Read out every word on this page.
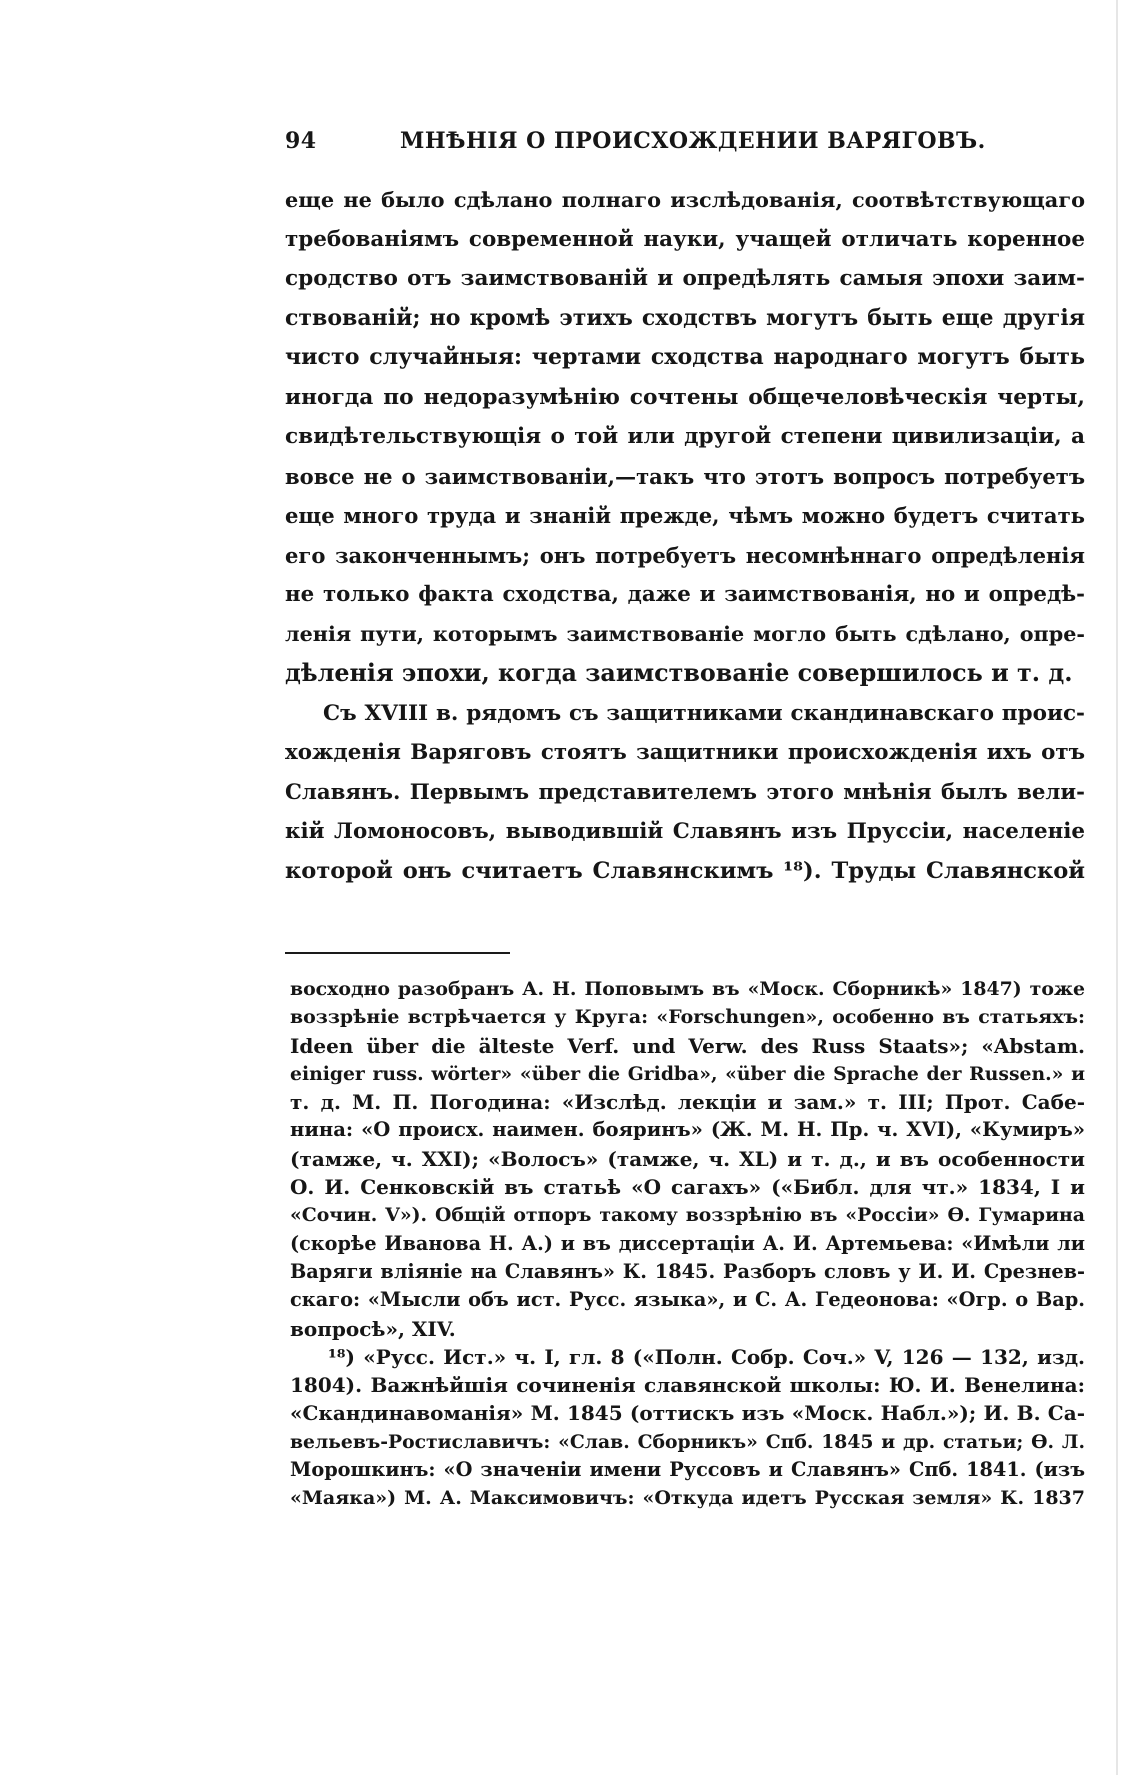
94	МНѢНІЯ О ПРОИСХОЖДЕНИИ ВАРЯГОВЪ.
еще не было сдѣлано полнаго изслѣдованія, соотвѣтствующаго
требованіямъ современной науки, учащей отличать коренное
сродство отъ заимствованій и опредѣлять самыя эпохи заим-
ствованій; но кромѣ этихъ сходствъ могутъ быть еще другія
чисто случайныя: чертами сходства народнаго могутъ быть
иногда по недоразумѣнію сочтены общечеловѣческія черты,
свидѣтельствующія о той или другой степени цивилизаціи, а
вовсе не о заимствованіи,—такъ что этотъ вопросъ потребуетъ
еще много труда и знаній прежде, чѣмъ можно будетъ считать
его законченнымъ; онъ потребуетъ несомнѣннаго опредѣленія
не только факта сходства, даже и заимствованія, но и опредѣ-
ленія пути, которымъ заимствованіе могло быть сдѣлано, опре-
дѣленія эпохи, когда заимствованіе совершилось и т. д.
Съ XVIII в. рядомъ съ защитниками скандинавскаго проис-
хожденія Варяговъ стоятъ защитники происхожденія ихъ отъ
Славянъ. Первымъ представителемъ этого мнѣнія былъ вели-
кій Ломоносовъ, выводившій Славянъ изъ Пруссіи, населеніе
которой онъ считаетъ Славянскимъ ¹⁸). Труды Славянской
восходно разобранъ А. Н. Поповымъ въ «Моск. Сборникѣ» 1847) тоже
воззрѣніе встрѣчается у Круга: «Forschungen», особенно въ статьяхъ:
Ideen über die älteste Verf. und Verw. des Russ Staats»; «Abstam.
einiger russ. wörter» «über die Gridba», «über die Sprache der Russen.» и
т. д. М. П. Погодина: «Изслѣд. лекціи и зам.» т. III; Прот. Сабе-
нина: «О происх. наимен. бояринъ» (Ж. М. Н. Пр. ч. XVI), «Кумиръ»
(тамже, ч. XXI); «Волосъ» (тамже, ч. XL) и т. д., и въ особенности
О. И. Сенковскій въ статьѣ «О сагахъ» («Библ. для чт.» 1834, I и
«Сочин. V»). Общій отпоръ такому воззрѣнію въ «Россіи» Ѳ. Гумарина
(скорѣе Иванова Н. А.) и въ диссертаціи А. И. Артемьева: «Имѣли ли
Варяги вліяніе на Славянъ» К. 1845. Разборъ словъ у И. И. Срезнев-
скаго: «Мысли объ ист. Русс. языка», и С. А. Гедеонова: «Огр. о Вар.
вопросѣ», XIV.
¹⁸) «Русс. Ист.» ч. I, гл. 8 («Полн. Собр. Соч.» V, 126 — 132, изд.
1804). Важнѣйшія сочиненія славянской школы: Ю. И. Венелина:
«Скандинавоманія» М. 1845 (оттискъ изъ «Моск. Набл.»); И. В. Са-
вельевъ-Ростиславичъ: «Слав. Сборникъ» Спб. 1845 и др. статьи; Ѳ. Л.
Морошкинъ: «О значеніи имени Руссовъ и Славянъ» Спб. 1841. (изъ
«Маяка») М. А. Максимовичъ: «Откуда идетъ Русская земля» К. 1837
